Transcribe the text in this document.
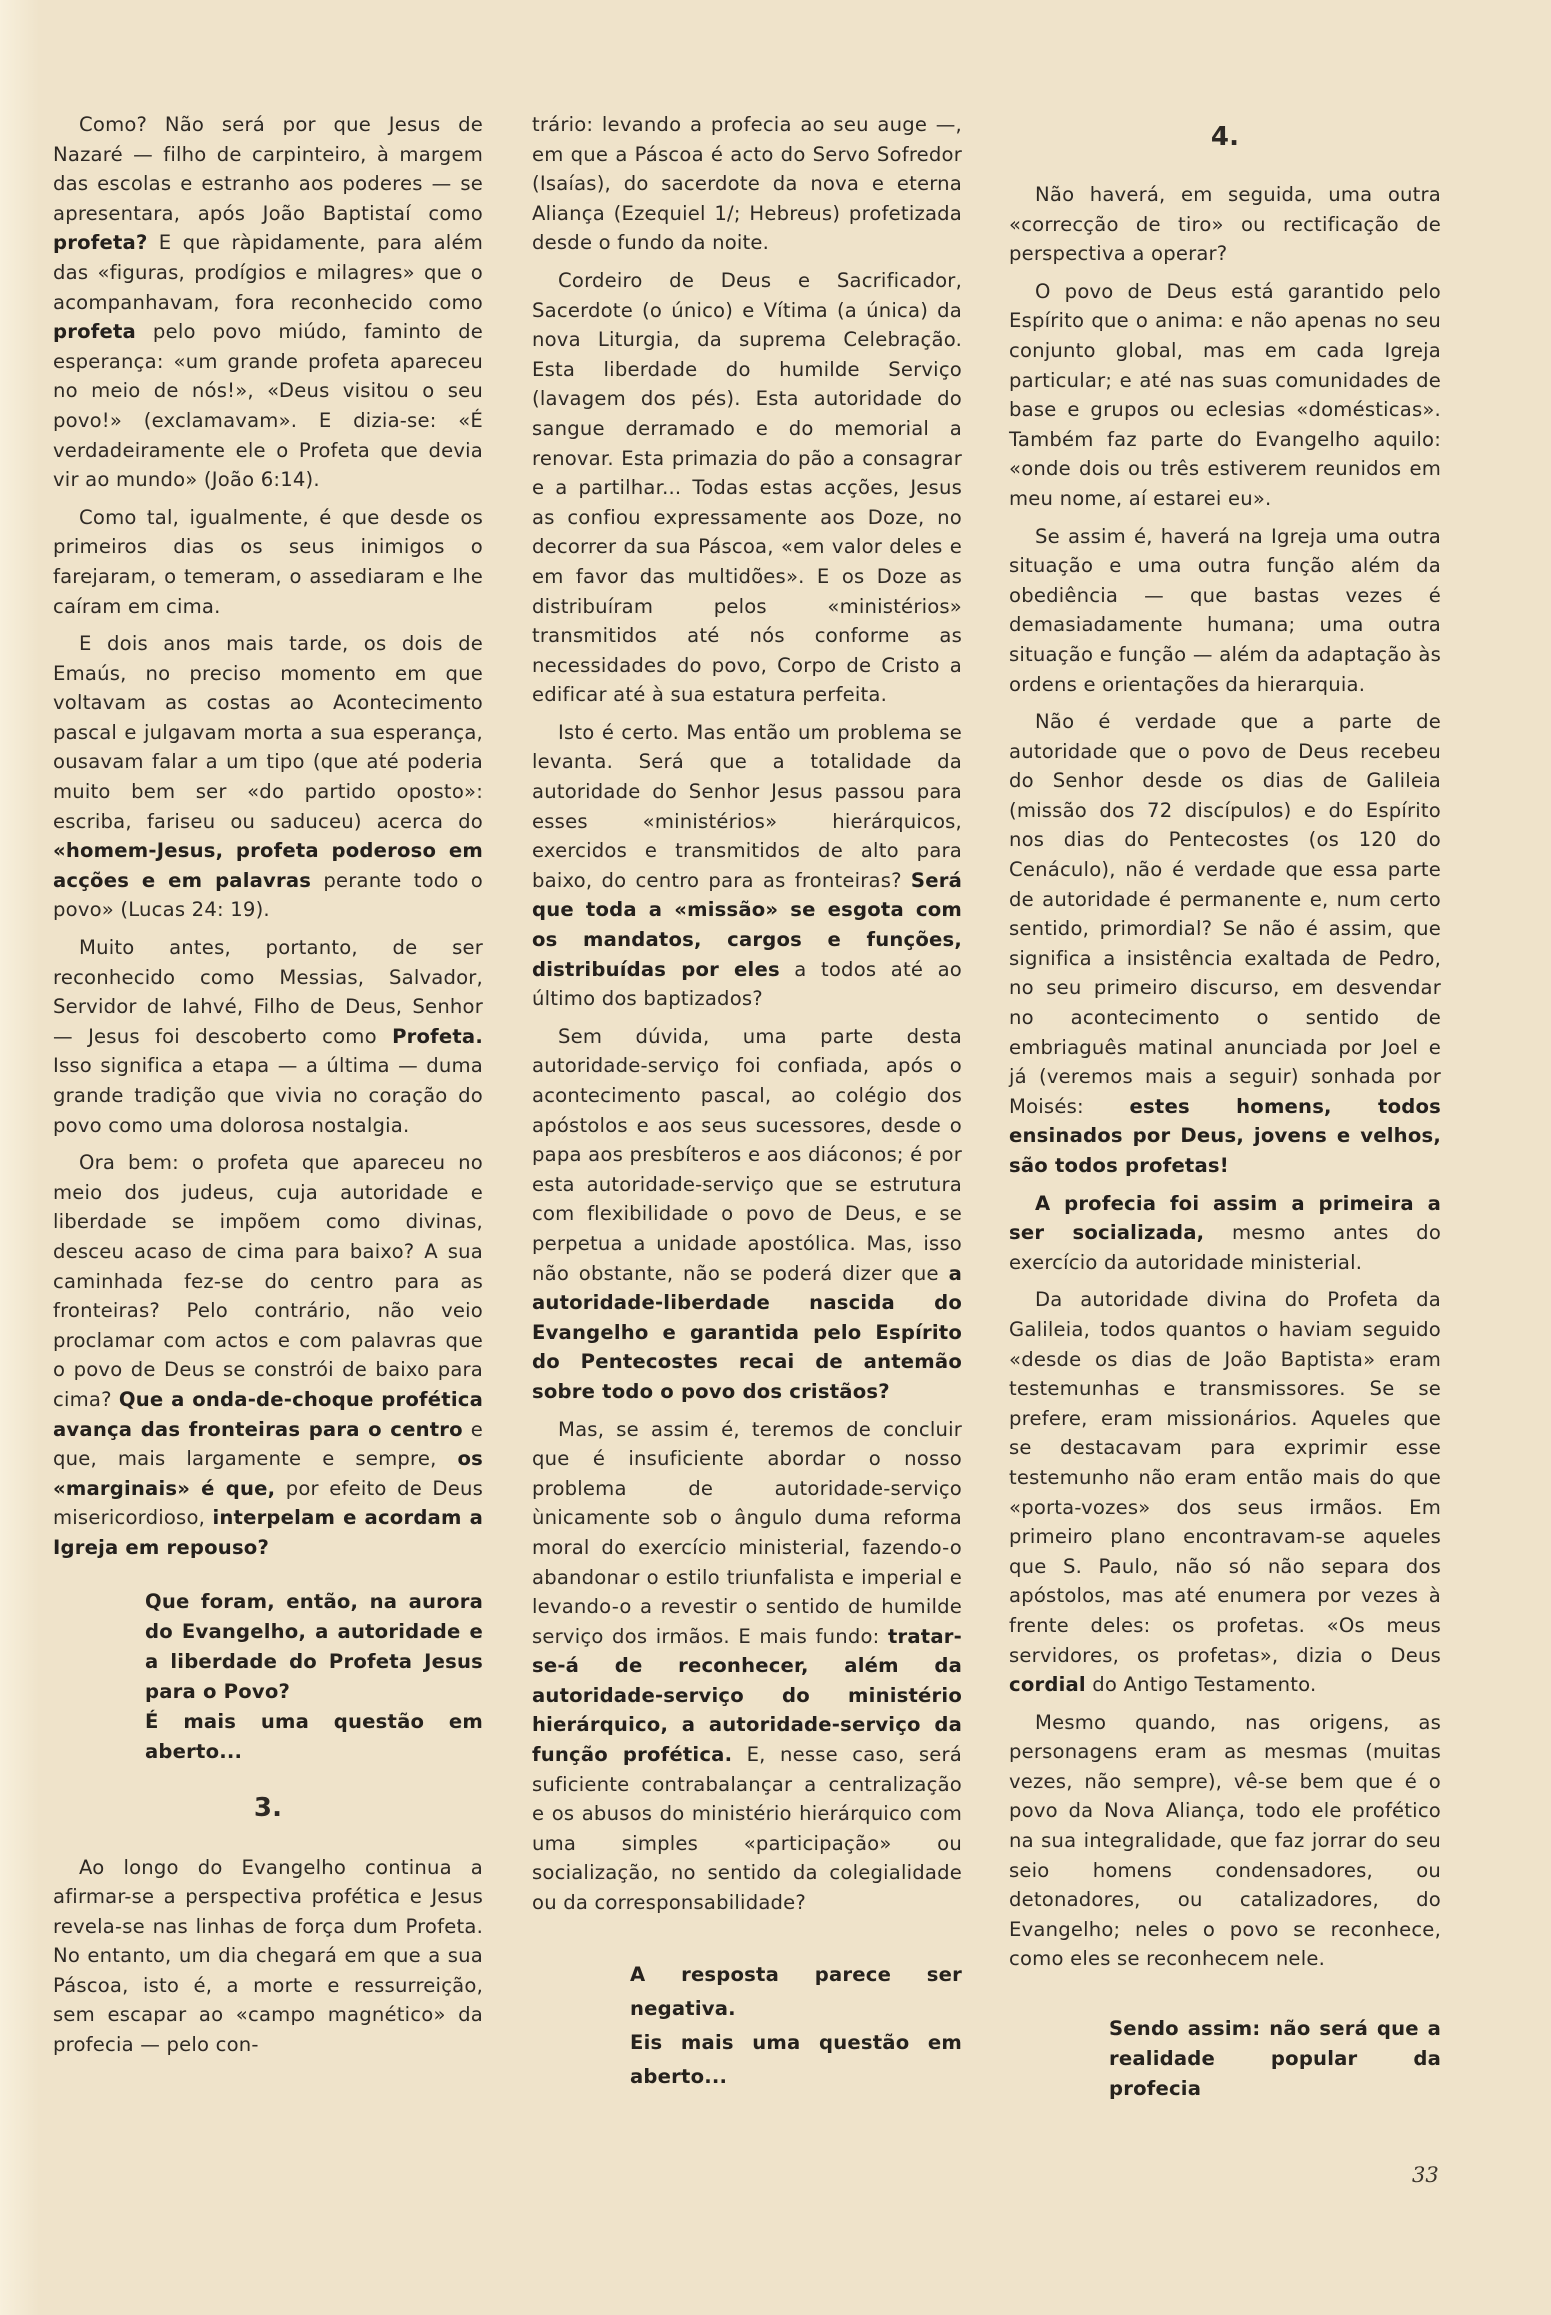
Como? Não será por que Jesus de Nazaré — filho de carpinteiro, à margem das escolas e estranho aos poderes — se apresentara, após João Baptistaí como profeta? E que ràpidamente, para além das «figuras, prodígios e milagres» que o acompanhavam, fora reconhecido como profeta pelo povo miúdo, faminto de esperança: «um grande profeta apareceu no meio de nós!», «Deus visitou o seu povo!» (exclamavam». E dizia-se: «É verdadeiramente ele o Profeta que devia vir ao mundo» (João 6:14).

Como tal, igualmente, é que desde os primeiros dias os seus inimigos o farejaram, o temeram, o assediaram e lhe caíram em cima.

E dois anos mais tarde, os dois de Emaús, no preciso momento em que voltavam as costas ao Acontecimento pascal e julgavam morta a sua esperança, ousavam falar a um tipo (que até poderia muito bem ser «do partido oposto»: escriba, fariseu ou saduceu) acerca do «homem-Jesus, profeta poderoso em acções e em palavras perante todo o povo» (Lucas 24: 19).

Muito antes, portanto, de ser reconhecido como Messias, Salvador, Servidor de Iahvé, Filho de Deus, Senhor — Jesus foi descoberto como Profeta. Isso significa a etapa — a última — duma grande tradição que vivia no coração do povo como uma dolorosa nostalgia.

Ora bem: o profeta que apareceu no meio dos judeus, cuja autoridade e liberdade se impõem como divinas, desceu acaso de cima para baixo? A sua caminhada fez-se do centro para as fronteiras? Pelo contrário, não veio proclamar com actos e com palavras que o povo de Deus se constrói de baixo para cima? Que a onda-de-choque profética avança das fronteiras para o centro e que, mais largamente e sempre, os «marginais» é que, por efeito de Deus misericordioso, interpelam e acordam a Igreja em repouso?

Que foram, então, na aurora do Evangelho, a autoridade e a liberdade do Profeta Jesus para o Povo?
É mais uma questão em aberto...
3.

Ao longo do Evangelho continua a afirmar-se a perspectiva profética e Jesus revela-se nas linhas de força dum Profeta. No entanto, um dia chegará em que a sua Páscoa, isto é, a morte e ressurreição, sem escapar ao «campo magnético» da profecia — pelo con-

trário: levando a profecia ao seu auge —, em que a Páscoa é acto do Servo Sofredor (Isaías), do sacerdote da nova e eterna Aliança (Ezequiel 1/; Hebreus) profetizada desde o fundo da noite.

Cordeiro de Deus e Sacrificador, Sacerdote (o único) e Vítima (a única) da nova Liturgia, da suprema Celebração. Esta liberdade do humilde Serviço (lavagem dos pés). Esta autoridade do sangue derramado e do memorial a renovar. Esta primazia do pão a consagrar e a partilhar... Todas estas acções, Jesus as confiou expressamente aos Doze, no decorrer da sua Páscoa, «em valor deles e em favor das multidões». E os Doze as distribuíram pelos «ministérios» transmitidos até nós conforme as necessidades do povo, Corpo de Cristo a edificar até à sua estatura perfeita.

Isto é certo. Mas então um problema se levanta. Será que a totalidade da autoridade do Senhor Jesus passou para esses «ministérios» hierárquicos, exercidos e transmitidos de alto para baixo, do centro para as fronteiras? Será que toda a «missão» se esgota com os mandatos, cargos e funções, distribuídas por eles a todos até ao último dos baptizados?

Sem dúvida, uma parte desta autoridade-serviço foi confiada, após o acontecimento pascal, ao colégio dos apóstolos e aos seus sucessores, desde o papa aos presbíteros e aos diáconos; é por esta autoridade-serviço que se estrutura com flexibilidade o povo de Deus, e se perpetua a unidade apostólica. Mas, isso não obstante, não se poderá dizer que a autoridade-liberdade nascida do Evangelho e garantida pelo Espírito do Pentecostes recai de antemão sobre todo o povo dos cristãos?

Mas, se assim é, teremos de concluir que é insuficiente abordar o nosso problema de autoridade-serviço ùnicamente sob o ângulo duma reforma moral do exercício ministerial, fazendo-o abandonar o estilo triunfalista e imperial e levando-o a revestir o sentido de humilde serviço dos irmãos. E mais fundo: tratar-se-á de reconhecer, além da autoridade-serviço do ministério hierárquico, a autoridade-serviço da função profética. E, nesse caso, será suficiente contrabalançar a centralização e os abusos do ministério hierárquico com uma simples «participação» ou socialização, no sentido da colegialidade ou da corresponsabilidade?

A resposta parece ser negativa.
Eis mais uma questão em aberto...
4.

Não haverá, em seguida, uma outra «correcção de tiro» ou rectificação de perspectiva a operar?

O povo de Deus está garantido pelo Espírito que o anima: e não apenas no seu conjunto global, mas em cada Igreja particular; e até nas suas comunidades de base e grupos ou eclesias «domésticas». Também faz parte do Evangelho aquilo: «onde dois ou três estiverem reunidos em meu nome, aí estarei eu».

Se assim é, haverá na Igreja uma outra situação e uma outra função além da obediência — que bastas vezes é demasiadamente humana; uma outra situação e função — além da adaptação às ordens e orientações da hierarquia.

Não é verdade que a parte de autoridade que o povo de Deus recebeu do Senhor desde os dias de Galileia (missão dos 72 discípulos) e do Espírito nos dias do Pentecostes (os 120 do Cenáculo), não é verdade que essa parte de autoridade é permanente e, num certo sentido, primordial? Se não é assim, que significa a insistência exaltada de Pedro, no seu primeiro discurso, em desvendar no acontecimento o sentido de embriaguês matinal anunciada por Joel e já (veremos mais a seguir) sonhada por Moisés: estes homens, todos ensinados por Deus, jovens e velhos, são todos profetas!

A profecia foi assim a primeira a ser socializada, mesmo antes do exercício da autoridade ministerial.

Da autoridade divina do Profeta da Galileia, todos quantos o haviam seguido «desde os dias de João Baptista» eram testemunhas e transmissores. Se se prefere, eram missionários. Aqueles que se destacavam para exprimir esse testemunho não eram então mais do que «porta-vozes» dos seus irmãos. Em primeiro plano encontravam-se aqueles que S. Paulo, não só não separa dos apóstolos, mas até enumera por vezes à frente deles: os profetas. «Os meus servidores, os profetas», dizia o Deus cordial do Antigo Testamento.

Mesmo quando, nas origens, as personagens eram as mesmas (muitas vezes, não sempre), vê-se bem que é o povo da Nova Aliança, todo ele profético na sua integralidade, que faz jorrar do seu seio homens condensadores, ou detonadores, ou catalizadores, do Evangelho; neles o povo se reconhece, como eles se reconhecem nele.

Sendo assim: não será que a realidade popular da profecia
33
